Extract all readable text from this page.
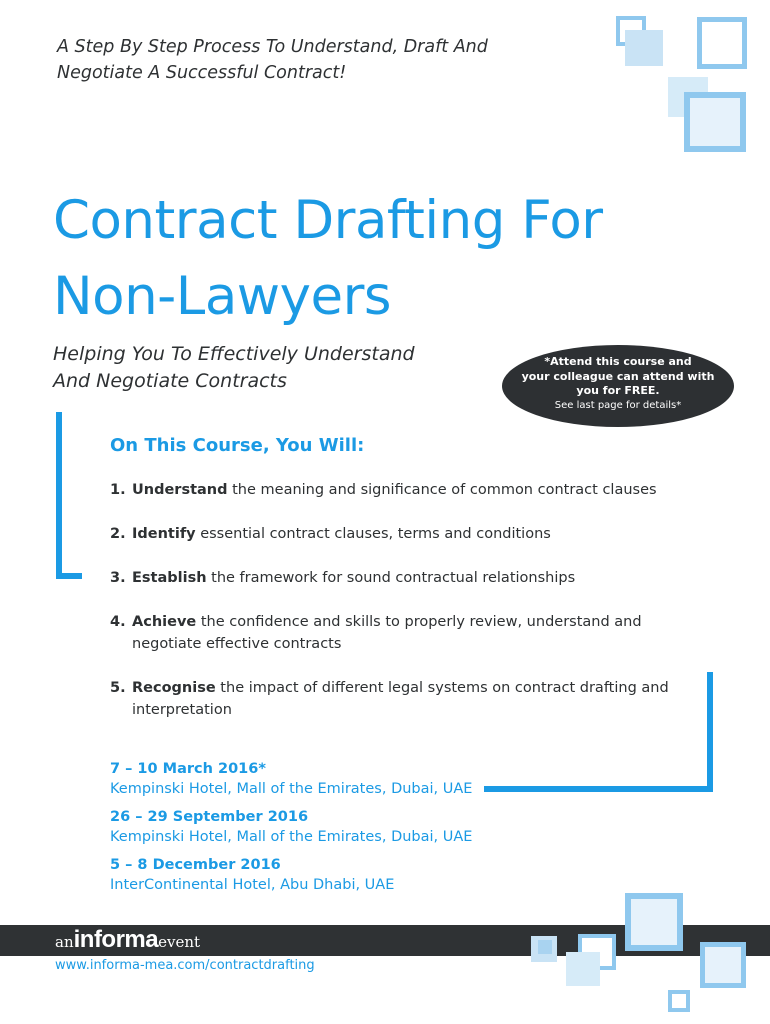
A Step By Step Process To Understand, Draft And
Negotiate A Successful Contract!
Contract Drafting For
Non-Lawyers
Helping You To Effectively Understand
And Negotiate Contracts
*Attend this course and
your colleague can attend with
you for FREE.
See last page for details*
On This Course, You Will:
1. Understand the meaning and significance of common contract clauses
2. Identify essential contract clauses, terms and conditions
3. Establish the framework for sound contractual relationships
4. Achieve the confidence and skills to properly review, understand and negotiate effective contracts
5. Recognise the impact of different legal systems on contract drafting and interpretation
7 – 10 March 2016*
Kempinski Hotel, Mall of the Emirates, Dubai, UAE
26 – 29 September 2016
Kempinski Hotel, Mall of the Emirates, Dubai, UAE
5 – 8 December 2016
InterContinental Hotel, Abu Dhabi, UAE
aninformaevent
www.informa-mea.com/contractdrafting
